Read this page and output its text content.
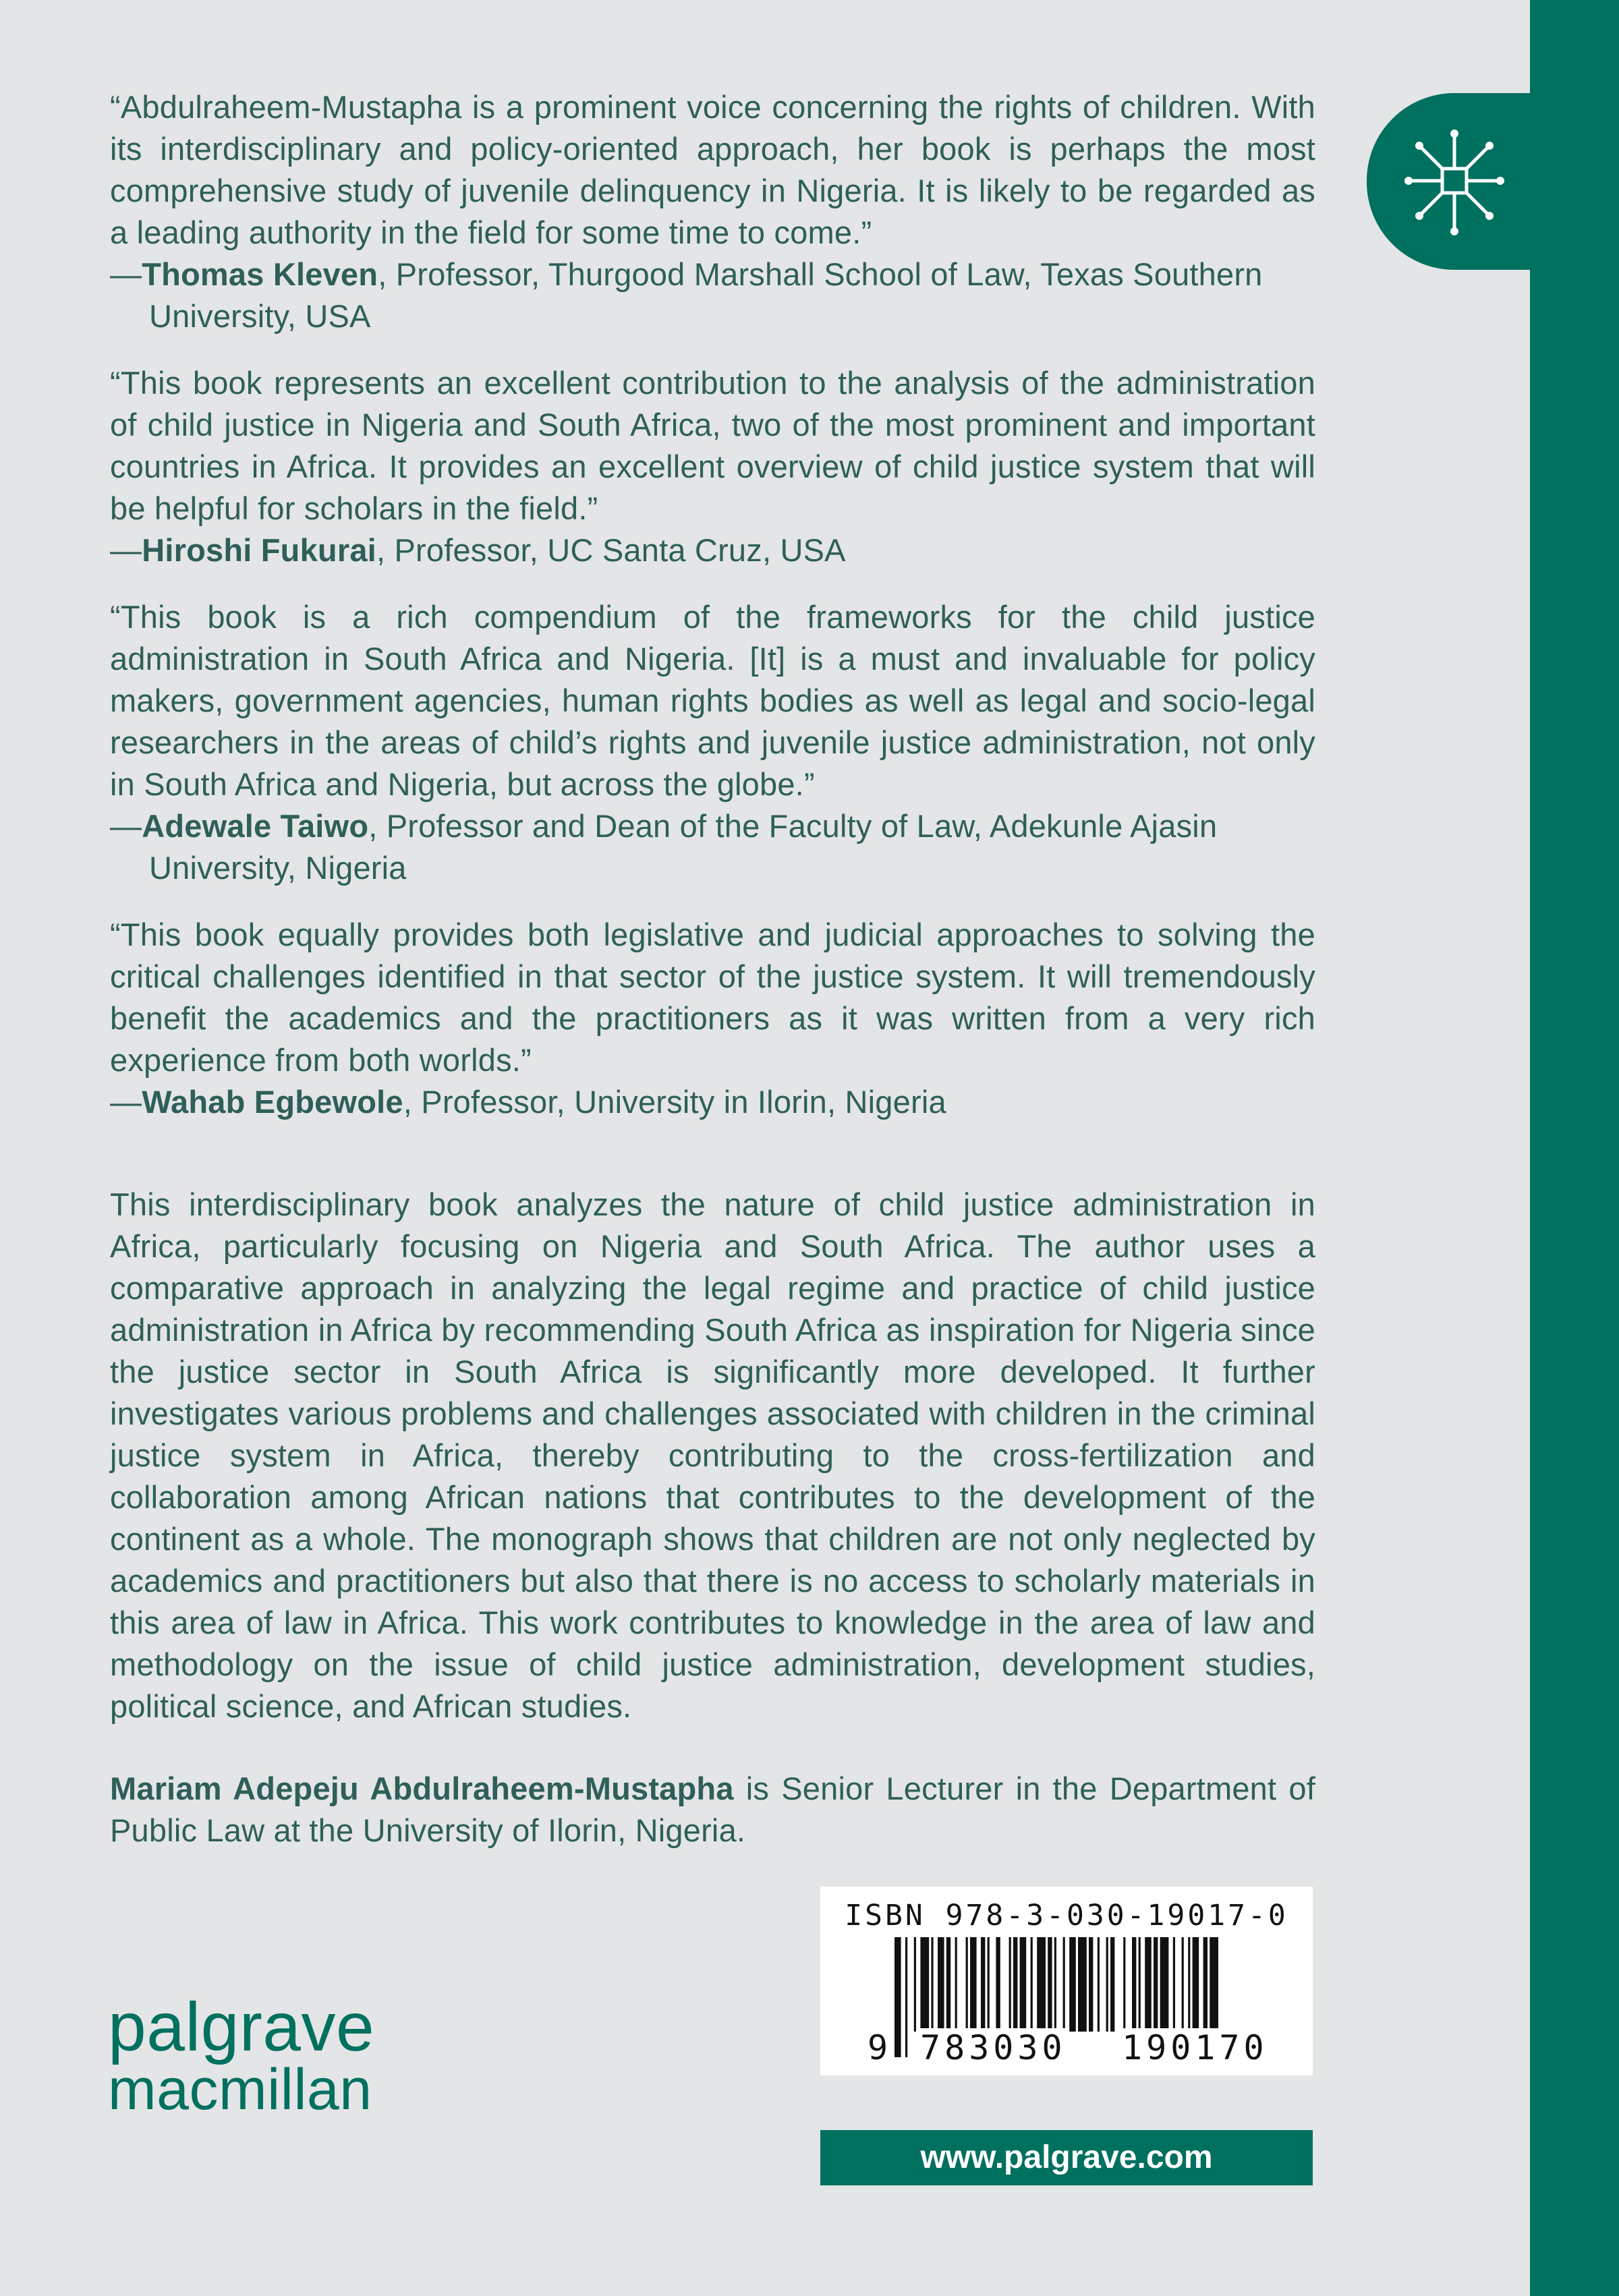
“Abdulraheem-Mustapha is a prominent voice concerning the rights of children. With its interdisciplinary and policy-oriented approach, her book is perhaps the most comprehensive study of juvenile delinquency in Nigeria. It is likely to be regarded as a leading authority in the field for some time to come.”

—Thomas Kleven, Professor, Thurgood Marshall School of Law, Texas Southern University, USA

“This book represents an excellent contribution to the analysis of the administration of child justice in Nigeria and South Africa, two of the most prominent and important countries in Africa. It provides an excellent overview of child justice system that will be helpful for scholars in the field.”

—Hiroshi Fukurai, Professor, UC Santa Cruz, USA

“This book is a rich compendium of the frameworks for the child justice administration in South Africa and Nigeria. [It] is a must and invaluable for policy makers, government agencies, human rights bodies as well as legal and socio-legal researchers in the areas of child’s rights and juvenile justice administration, not only in South Africa and Nigeria, but across the globe.”

—Adewale Taiwo, Professor and Dean of the Faculty of Law, Adekunle Ajasin University, Nigeria

“This book equally provides both legislative and judicial approaches to solving the critical challenges identified in that sector of the justice system. It will tremendously benefit the academics and the practitioners as it was written from a very rich experience from both worlds.”

—Wahab Egbewole, Professor, University in Ilorin, Nigeria

This interdisciplinary book analyzes the nature of child justice administration in Africa, particularly focusing on Nigeria and South Africa. The author uses a comparative approach in analyzing the legal regime and practice of child justice administration in Africa by recommending South Africa as inspiration for Nigeria since the justice sector in South Africa is significantly more developed. It further investigates various problems and challenges associated with children in the criminal justice system in Africa, thereby contributing to the cross-fertilization and collaboration among African nations that contributes to the development of the continent as a whole. The monograph shows that children are not only neglected by academics and practitioners but also that there is no access to scholarly materials in this area of law in Africa. This work contributes to knowledge in the area of law and methodology on the issue of child justice administration, development studies, political science, and African studies.

Mariam Adepeju Abdulraheem-Mustapha is Senior Lecturer in the Department of Public Law at the University of Ilorin, Nigeria.

palgrave
macmillan
ISBN 978-3-030-19017-0
9 783030 190170
www.palgrave.com
